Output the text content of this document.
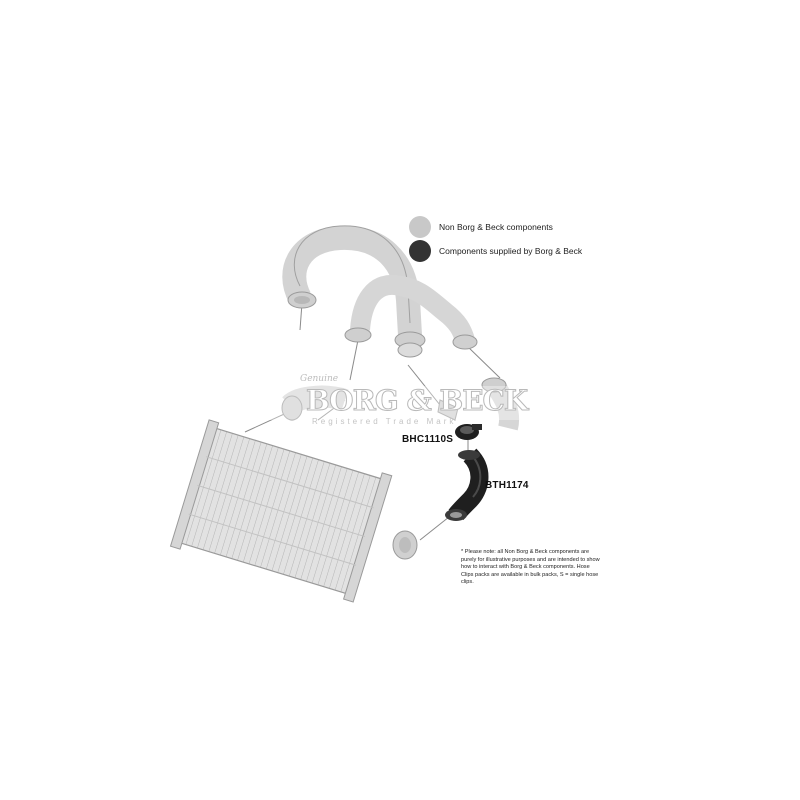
Non Borg & Beck components
Components supplied by Borg & Beck
BHC1110S
BTH1174
Genuine
BORG & BECK
Registered Trade Mark
* Please note: all Non Borg & Beck components are purely for illustrative purposes and are intended to show how to interact with Borg & Beck components. Hose Clips packs are available in bulk packs, S = single hose clips.
